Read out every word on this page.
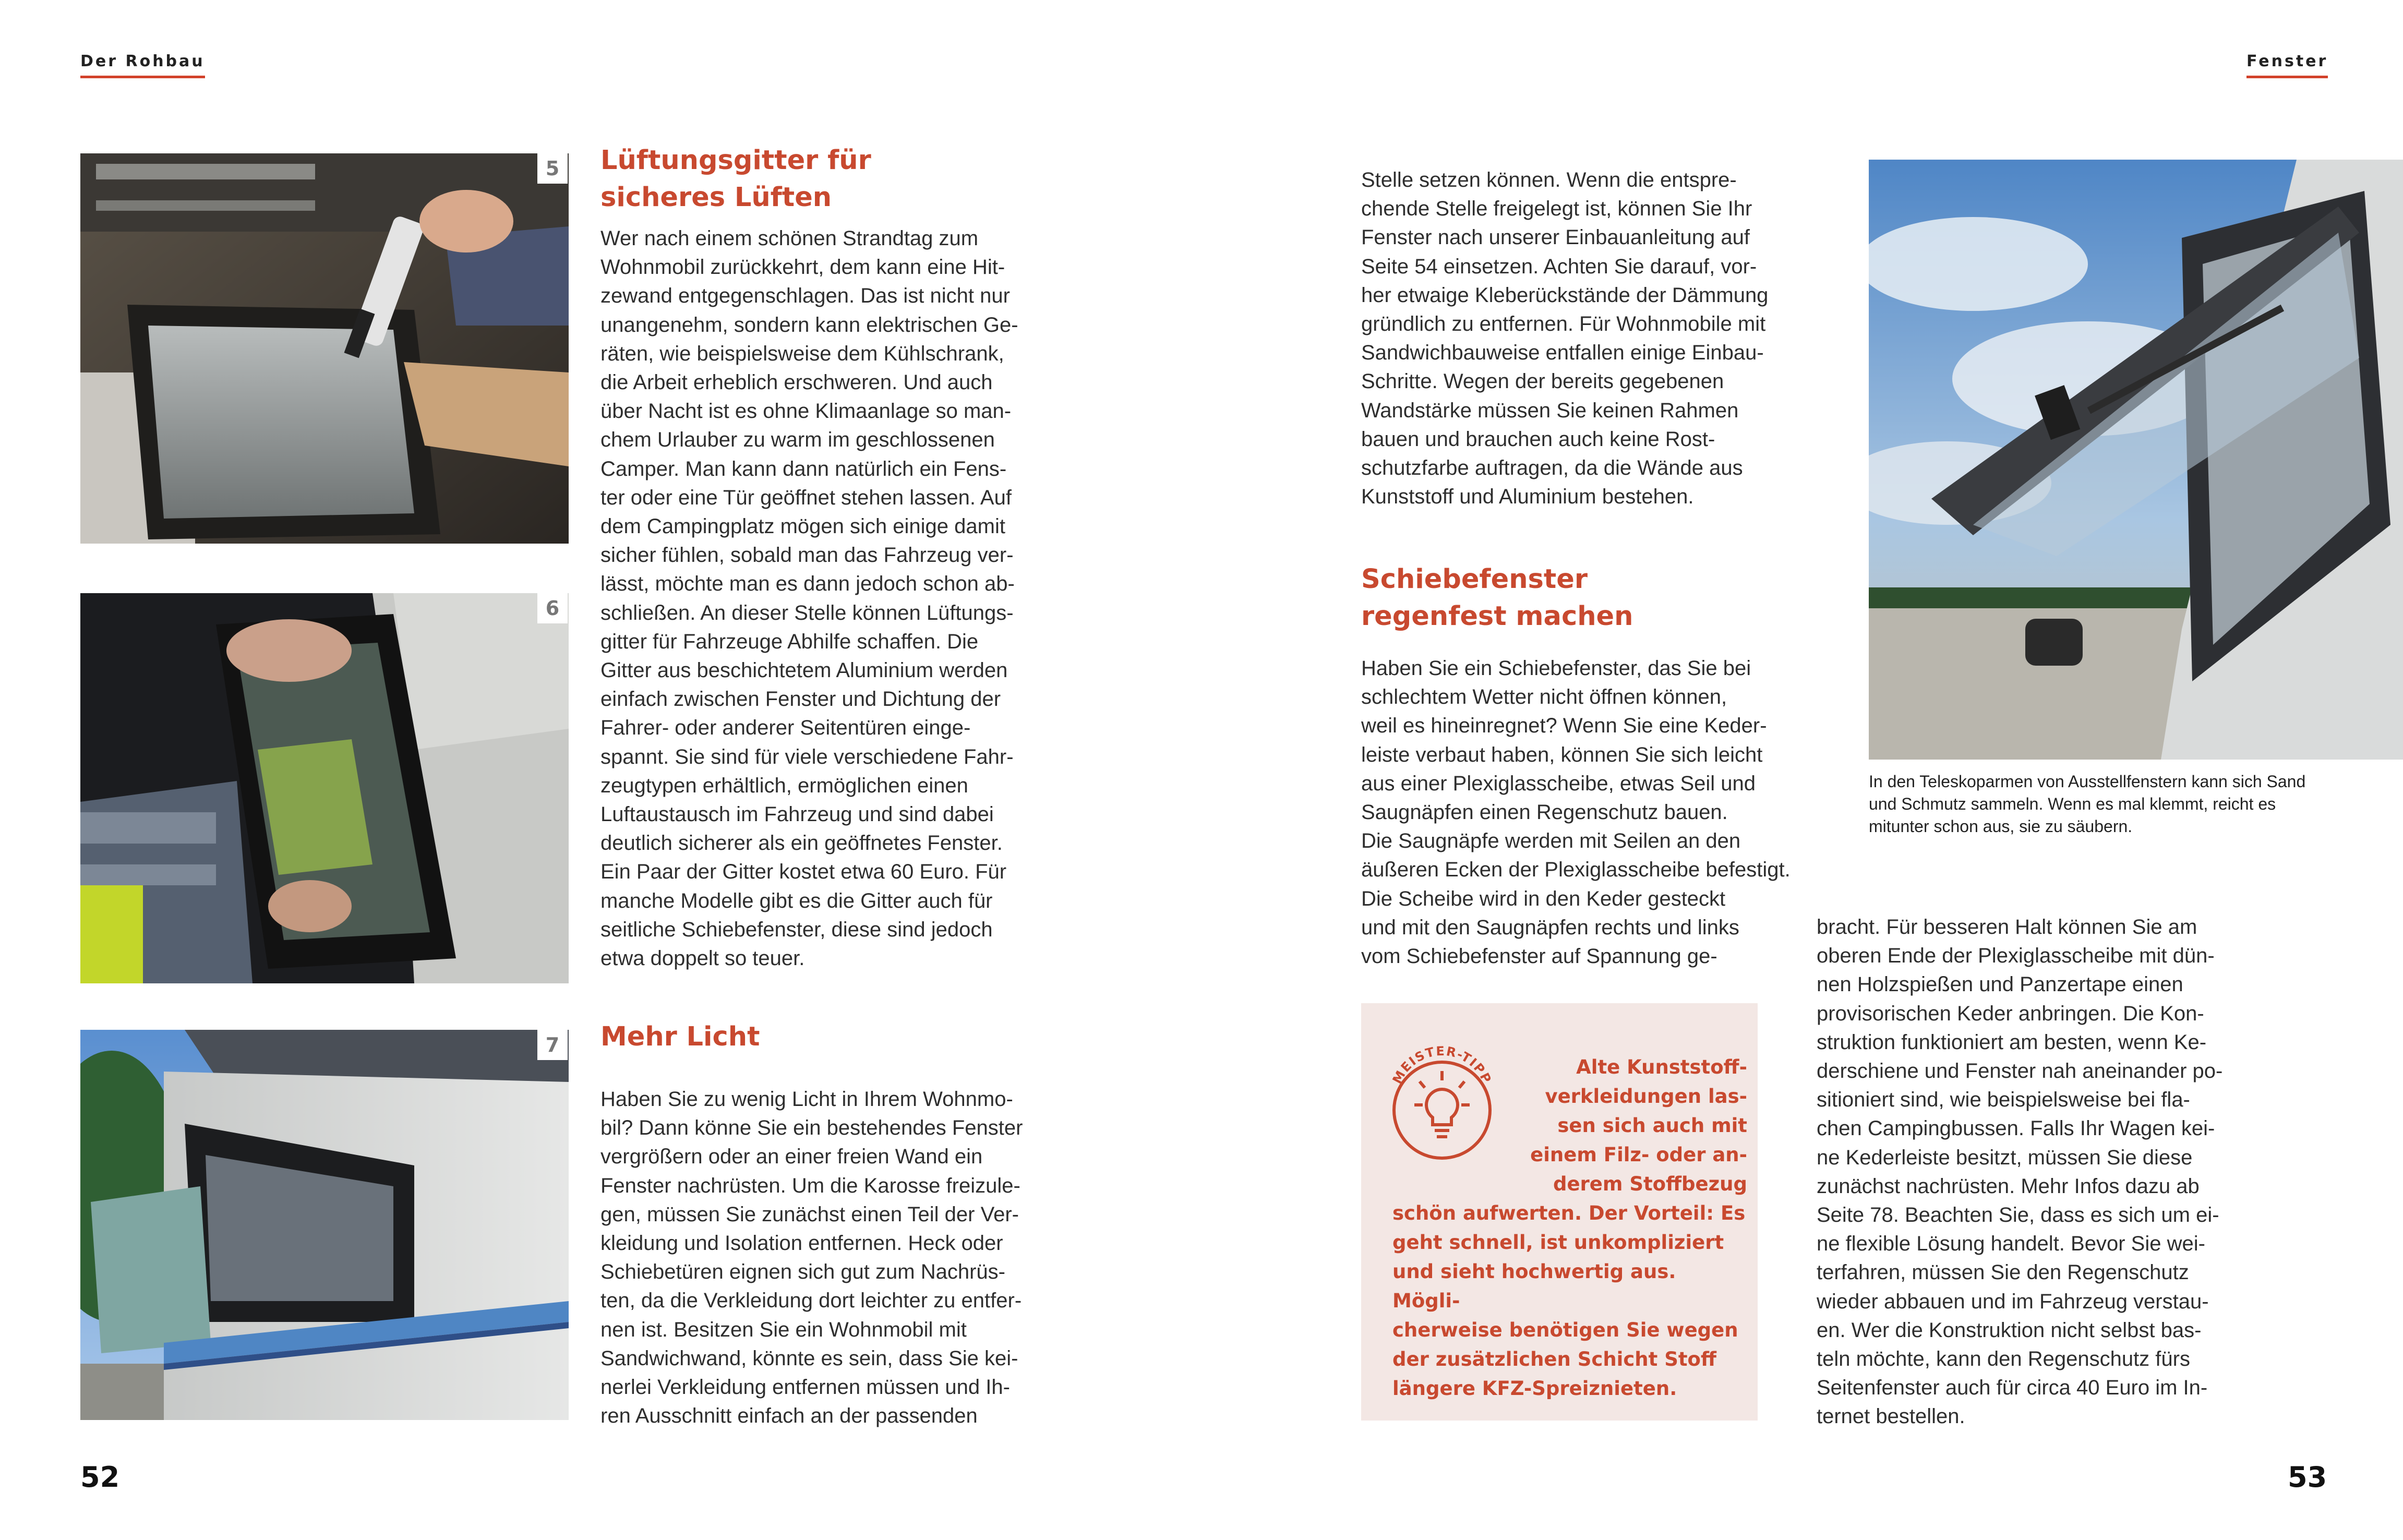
Der Rohbau
5
6
7

Lüftungsgitter für
sicheres Lüften

Wer nach einem schönen Strandtag zum
Wohnmobil zurückkehrt, dem kann eine Hit-
zewand entgegenschlagen. Das ist nicht nur
unangenehm, sondern kann elektrischen Ge-
räten, wie beispielsweise dem Kühlschrank,
die Arbeit erheblich erschweren. Und auch
über Nacht ist es ohne Klimaanlage so man-
chem Urlauber zu warm im geschlossenen
Camper. Man kann dann natürlich ein Fens-
ter oder eine Tür geöffnet stehen lassen. Auf
dem Campingplatz mögen sich einige damit
sicher fühlen, sobald man das Fahrzeug ver-
lässt, möchte man es dann jedoch schon ab-
schließen. An dieser Stelle können Lüftungs-
gitter für Fahrzeuge Abhilfe schaffen. Die
Gitter aus beschichtetem Aluminium werden
einfach zwischen Fenster und Dichtung der
Fahrer- oder anderer Seitentüren einge-
spannt. Sie sind für viele verschiedene Fahr-
zeugtypen erhältlich, ermöglichen einen
Luftaustausch im Fahrzeug und sind dabei
deutlich sicherer als ein geöffnetes Fenster.
Ein Paar der Gitter kostet etwa 60 Euro. Für
manche Modelle gibt es die Gitter auch für
seitliche Schiebefenster, diese sind jedoch
etwa doppelt so teuer.

Mehr Licht

Haben Sie zu wenig Licht in Ihrem Wohnmo-
bil? Dann könne Sie ein bestehendes Fenster
vergrößern oder an einer freien Wand ein
Fenster nachrüsten. Um die Karosse freizule-
gen, müssen Sie zunächst einen Teil der Ver-
kleidung und Isolation entfernen. Heck oder
Schiebetüren eignen sich gut zum Nachrüs-
ten, da die Verkleidung dort leichter zu entfer-
nen ist. Besitzen Sie ein Wohnmobil mit
Sandwichwand, könnte es sein, dass Sie kei-
nerlei Verkleidung entfernen müssen und Ih-
ren Ausschnitt einfach an der passenden

52
Fenster

Stelle setzen können. Wenn die entspre-
chende Stelle freigelegt ist, können Sie Ihr
Fenster nach unserer Einbauanleitung auf
Seite 54 einsetzen. Achten Sie darauf, vor-
her etwaige Kleberückstände der Dämmung
gründlich zu entfernen. Für Wohnmobile mit
Sandwichbauweise entfallen einige Einbau-
Schritte. Wegen der bereits gegebenen
Wandstärke müssen Sie keinen Rahmen
bauen und brauchen auch keine Rost-
schutzfarbe auftragen, da die Wände aus
Kunststoff und Aluminium bestehen.

Schiebefenster
regenfest machen

Haben Sie ein Schiebefenster, das Sie bei
schlechtem Wetter nicht öffnen können,
weil es hineinregnet? Wenn Sie eine Keder-
leiste verbaut haben, können Sie sich leicht
aus einer Plexiglasscheibe, etwas Seil und
Saugnäpfen einen Regenschutz bauen.
Die Saugnäpfe werden mit Seilen an den
äußeren Ecken der Plexiglasscheibe befestigt.
Die Scheibe wird in den Keder gesteckt
und mit den Saugnäpfen rechts und links
vom Schiebefenster auf Spannung ge-

In den Teleskoparmen von Ausstellfenstern kann sich Sand
und Schmutz sammeln. Wenn es mal klemmt, reicht es
mitunter schon aus, sie zu säubern.

MEISTER-TIPP

Alte Kunststoff-
verkleidungen las-
sen sich auch mit
einem Filz- oder an-
derem Stoffbezug

schön aufwerten. Der Vorteil: Es
geht schnell, ist unkompliziert
und sieht hochwertig aus. Mögli-
cherweise benötigen Sie wegen
der zusätzlichen Schicht Stoff
längere KFZ-Spreiznieten.

bracht. Für besseren Halt können Sie am
oberen Ende der Plexiglasscheibe mit dün-
nen Holzspießen und Panzertape einen
provisorischen Keder anbringen. Die Kon-
struktion funktioniert am besten, wenn Ke-
derschiene und Fenster nah aneinander po-
sitioniert sind, wie beispielsweise bei fla-
chen Campingbussen. Falls Ihr Wagen kei-
ne Kederleiste besitzt, müssen Sie diese
zunächst nachrüsten. Mehr Infos dazu ab
Seite 78. Beachten Sie, dass es sich um ei-
ne flexible Lösung handelt. Bevor Sie wei-
terfahren, müssen Sie den Regenschutz
wieder abbauen und im Fahrzeug verstau-
en. Wer die Konstruktion nicht selbst bas-
teln möchte, kann den Regenschutz fürs
Seitenfenster auch für circa 40 Euro im In-
ternet bestellen.

53
